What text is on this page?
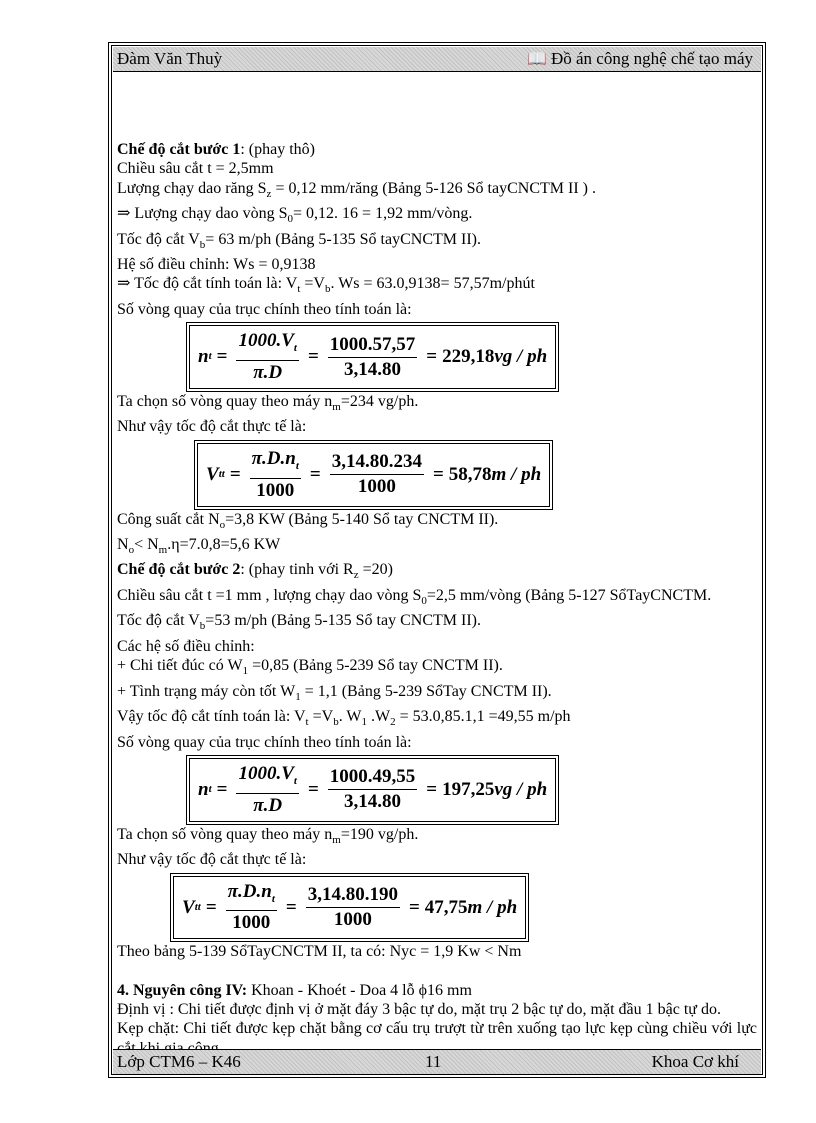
Đàm Văn Thuỳ	📖 Đồ án công nghệ chế tạo máy

Chế độ cắt bước 1: (phay thô)

Chiều sâu cắt t = 2,5mm

Lượng chạy dao răng $S_z = 0,12$ mm/răng (Bảng 5-126 Sổ tayCNCTM II ) .

⇒ Lượng chạy dao vòng $S_0= 0,12$. 16 = 1,92 mm/vòng.

Tốc độ cắt $V_b= 63$ m/ph (Bảng 5-135 Sổ tayCNCTM II).

Hệ số điều chỉnh: Ws = 0,9138

⇒ Tốc độ cắt tính toán là: $V_t =V_b$. Ws = 63.0,9138= 57,57m/phút

Số vòng quay của trục chính theo tính toán là:

n $t = \frac{1000.V_t}{\pi.D} = \frac{1000.57,57}{3,14.80} = 229,18$ vg / ph

Ta chọn số vòng quay theo máy $n_m=234$ vg/ph.

Như vậy tốc độ cắt thực tế là:

V tt = $\frac{\pi.D.n_t}{1000} = \frac{3,14.80.234}{1000} = 58,78$ m / ph

Công suất cắt $N_o=3,8$ KW (Bảng 5-140 Sổ tay CNCTM II).

$N_o< N_m.\eta=7.0,8=5,6$ KW

Chế độ cắt bước 2: (phay tinh với $R_z =20$)

Chiều sâu cắt t =1 mm , lượng chạy dao vòng $S_0=2,5$ mm/vòng (Bảng 5-127 SổTayCNCTM.

Tốc độ cắt $V_b=53$ m/ph (Bảng 5-135 Sổ tay CNCTM II).

Các hệ số điều chỉnh:

+ Chi tiết đúc có $W_1 =0,85$ (Bảng 5-239 Sổ tay CNCTM II).

+ Tình trạng máy còn tốt $W_1 = 1,1$ (Bảng 5-239 SổTay CNCTM II).

Vậy tốc độ cắt tính toán là: $V_t =V_b$. $W_1$ $.W_2 = 53.0,85.1,1 =49,55$ m/ph

Số vòng quay của trục chính theo tính toán là:

n $t = \frac{1000.V_t}{\pi.D} = \frac{1000.49,55}{3,14.80} = 197,25$ vg / ph

Ta chọn số vòng quay theo máy $n_m=190$ vg/ph.

Như vậy tốc độ cắt thực tế là:

V tt = $\frac{\pi.D.n_t}{1000} = \frac{3,14.80.190}{1000} = 47,75$ m / ph

Theo bảng 5-139 SổTayCNCTM II, ta có: Nyc = 1,9 Kw < Nm

4. Nguyên công IV: Khoan - Khoét - Doa 4 lỗ ϕ16 mm

Định vị : Chi tiết được định vị ở mặt đáy 3 bậc tự do, mặt trụ 2 bậc tự do, mặt đầu 1 bậc tự do.

Kẹp chặt: Chi tiết được kẹp chặt bằng cơ cấu trụ trượt từ trên xuống tạo lực kẹp cùng chiều với lực

Lớp CTM6 – K46	11	Khoa Cơ khí
